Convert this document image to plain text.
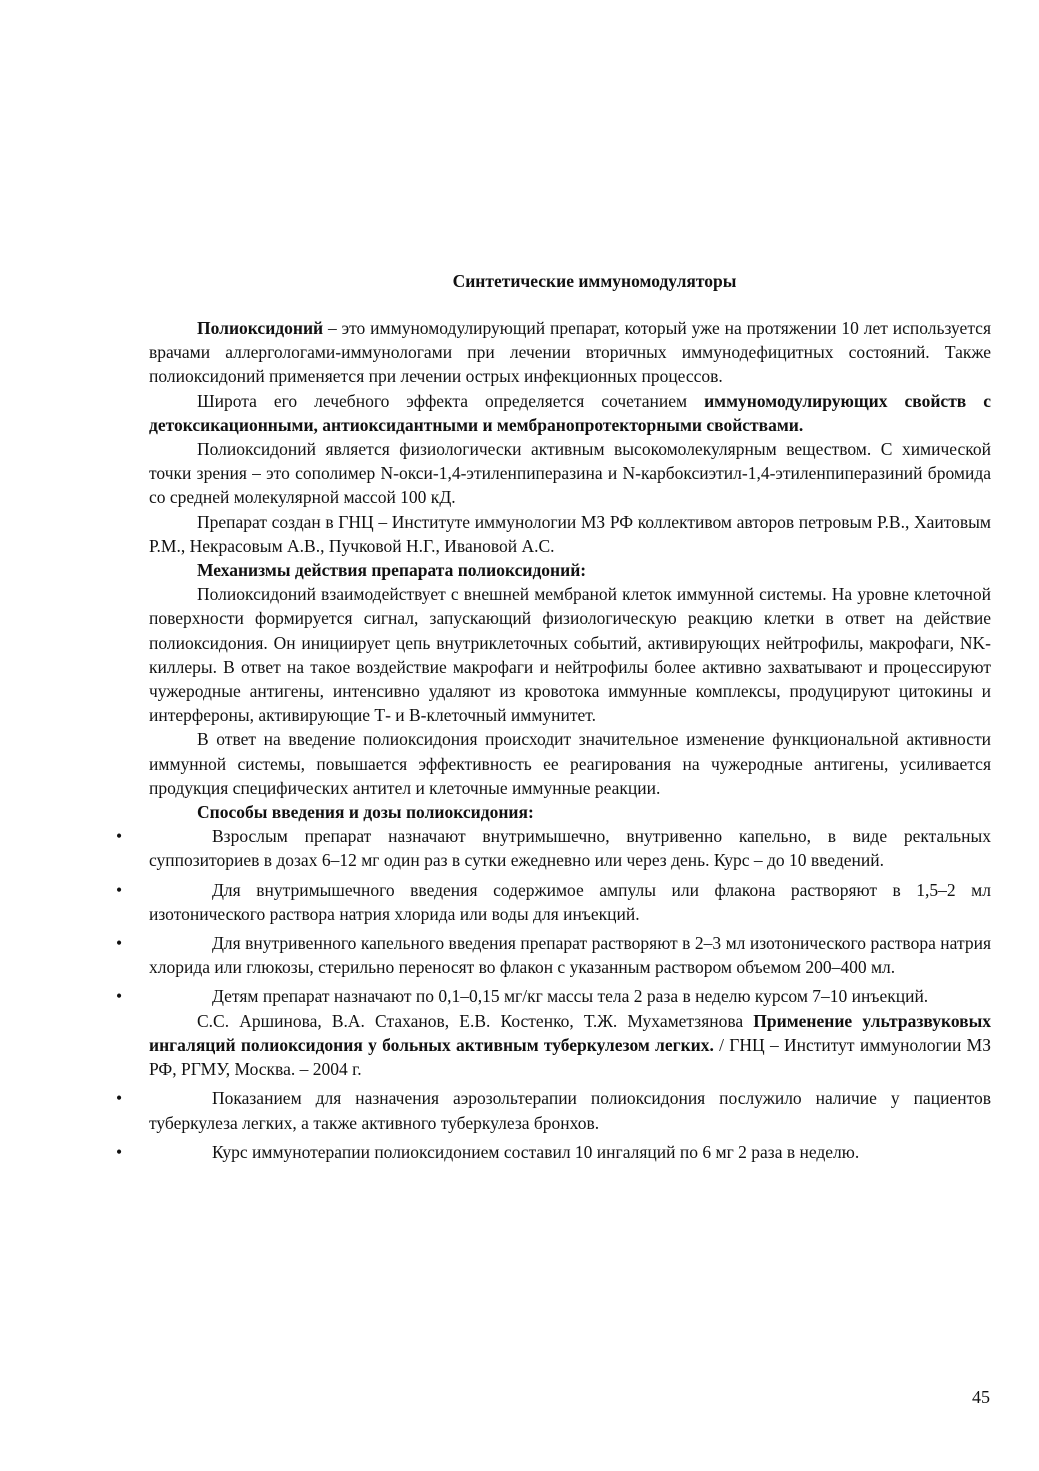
Синтетические иммуномодуляторы

Полиоксидоний – это иммуномодулирующий препарат, который уже на протяжении 10 лет используется врачами аллергологами-иммунологами при лечении вторичных иммунодефицитных состояний. Также полиоксидоний применяется при лечении острых инфекционных процессов.

Широта его лечебного эффекта определяется сочетанием иммуномодулирующих свойств с детоксикационными, антиоксидантными и мембранопротекторными свойствами.

Полиоксидоний является физиологически активным высокомолекулярным веществом. С химической точки зрения – это сополимер N-окси-1,4-этиленпиперазина и N-карбоксиэтил-1,4-этиленпиперазиний бромида со средней молекулярной массой 100 кД.

Препарат создан в ГНЦ – Институте иммунологии МЗ РФ коллективом авторов петровым Р.В., Хаитовым Р.М., Некрасовым А.В., Пучковой Н.Г., Ивановой А.С.

Механизмы действия препарата полиоксидоний:

Полиоксидоний взаимодействует с внешней мембраной клеток иммунной системы. На уровне клеточной поверхности формируется сигнал, запускающий физиологическую реакцию клетки в ответ на действие полиоксидония. Он инициирует цепь внутриклеточных событий, активирующих нейтрофилы, макрофаги, NK-киллеры. В ответ на такое воздействие макрофаги и нейтрофилы более активно захватывают и процессируют чужеродные антигены, интенсивно удаляют из кровотока иммунные комплексы, продуцируют цитокины и интерфероны, активирующие Т- и В-клеточный иммунитет.

В ответ на введение полиоксидония происходит значительное изменение функциональной активности иммунной системы, повышается эффективность ее реагирования на чужеродные антигены, усиливается продукция специфических антител и клеточные иммунные реакции.

Способы введения и дозы полиоксидония:

•	Взрослым препарат назначают внутримышечно, внутривенно капельно, в виде ректальных суппозиториев в дозах 6–12 мг один раз в сутки ежедневно или через день. Курс – до 10 введений.

•	Для внутримышечного введения содержимое ампулы или флакона растворяют в 1,5–2 мл изотонического раствора натрия хлорида или воды для инъекций.

•	Для внутривенного капельного введения препарат растворяют в 2–3 мл изотонического раствора натрия хлорида или глюкозы, стерильно переносят во флакон с указанным раствором объемом 200–400 мл.

•	Детям препарат назначают по 0,1–0,15 мг/кг массы тела 2 раза в неделю курсом 7–10 инъекций.

С.С. Аршинова, В.А. Стаханов, Е.В. Костенко, Т.Ж. Мухаметзянова Применение ультразвуковых ингаляций полиоксидония у больных активным туберкулезом легких. / ГНЦ – Институт иммунологии МЗ РФ, РГМУ, Москва. – 2004 г.

•	Показанием для назначения аэрозольтерапии полиоксидония послужило наличие у пациентов туберкулеза легких, а также активного туберкулеза бронхов.

•	Курс иммунотерапии полиоксидонием составил 10 ингаляций по 6 мг 2 раза в неделю.

45
